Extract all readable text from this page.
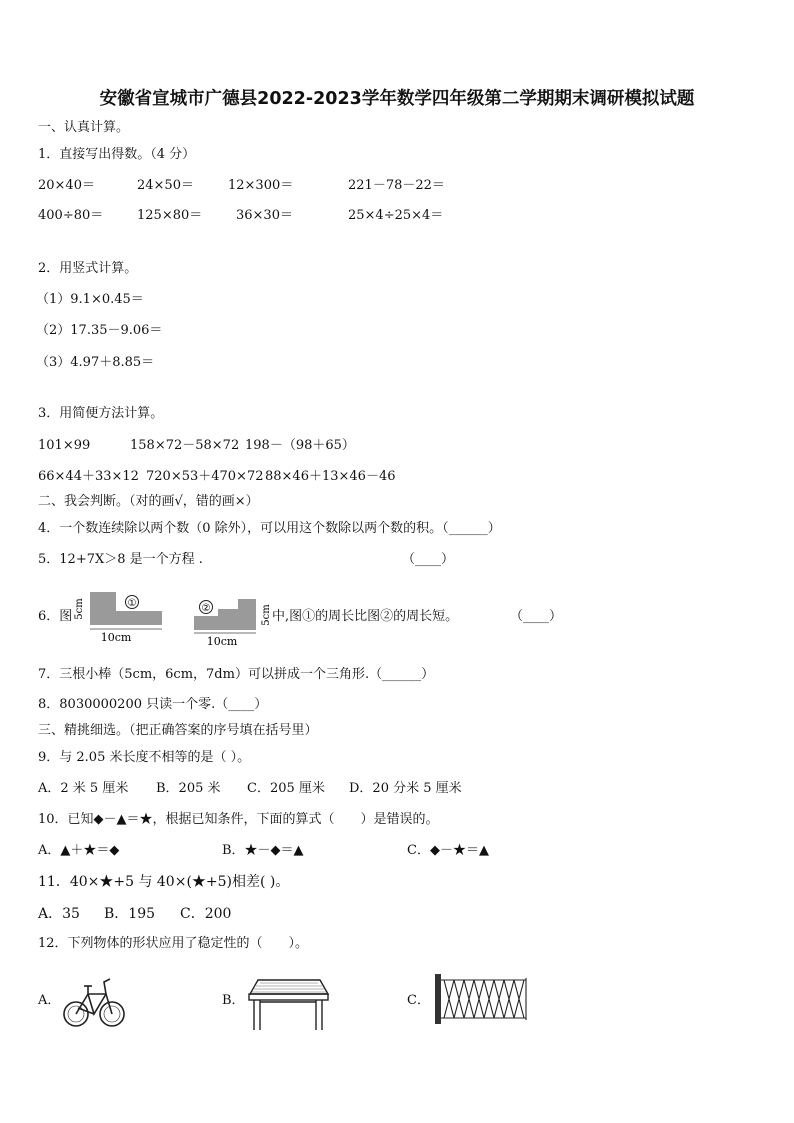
安徽省宣城市广德县2022-2023学年数学四年级第二学期期末调研模拟试题
一、认真计算。
1．直接写出得数。（4 分）
20×40＝	24×50＝	12×300＝	221－78－22＝
400÷80＝	125×80＝	36×30＝	25×4÷25×4＝
2．用竖式计算。
（1）9.1×0.45＝
（2）17.35－9.06＝
（3）4.97＋8.85＝
3．用简便方法计算。
101×99	158×72－58×72 198－（98＋65）
66×44＋33×12 720×53＋470×72 88×46＋13×46－46
二、我会判断。（对的画√，错的画×）
4．一个数连续除以两个数（0 除外），可以用这个数除以两个数的积。（______）
5．12+7X＞8 是一个方程 .	（____）
6．图
①
5cm
10cm
②	5cm
10cm
中,图①的周长比图②的周长短。	（____）
7．三根小棒（5cm，6cm，7dm）可以拼成一个三角形.（______）
8．8030000200 只读一个零.（____）
三、精挑细选。（把正确答案的序号填在括号里）
9．与 2.05 米长度不相等的是（ ）。
A．2 米 5 厘米 B．205 米 C．205 厘米 D．20 分米 5 厘米
10．已知◆－▲＝★，根据已知条件，下面的算式（　　）是错误的。
A．▲＋★＝◆	B．★－◆＝▲	C．◆－★＝▲
11．40×★+5 与 40×(★+5)相差( )。
A．35 B．195 C．200
12．下列物体的形状应用了稳定性的（　　）。
A．	B．	C．
